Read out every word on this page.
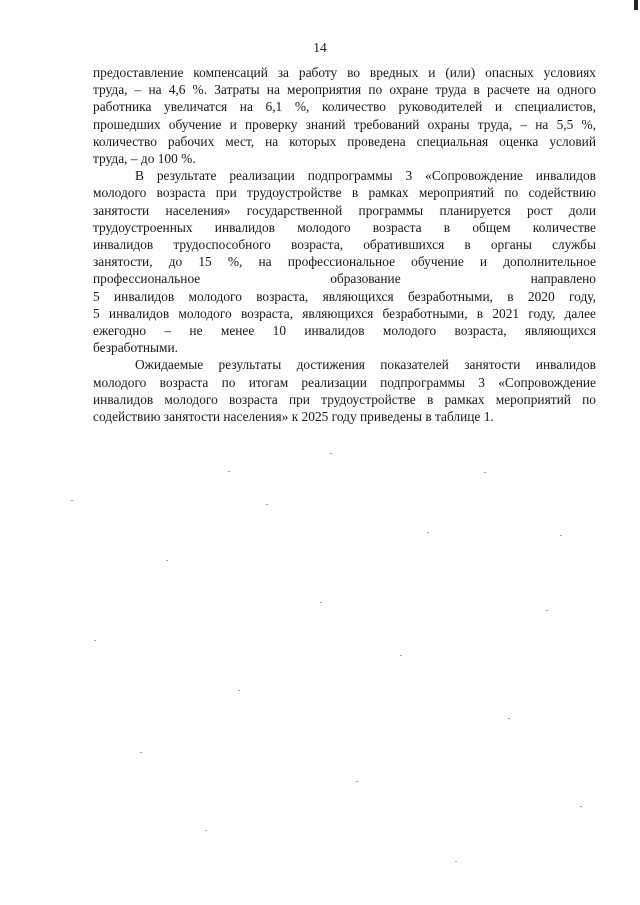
14

предоставление компенсаций за работу во вредных и (или) опасных условиях
труда, – на 4,6 %. Затраты на мероприятия по охране труда в расчете на одного
работника увеличатся на 6,1 %, количество руководителей и специалистов,
прошедших обучение и проверку знаний требований охраны труда, – на 5,5 %,
количество рабочих мест, на которых проведена специальная оценка условий
труда, – до 100 %.

В результате реализации подпрограммы 3 «Сопровождение инвалидов
молодого возраста при трудоустройстве в рамках мероприятий по содействию
занятости населения» государственной программы планируется рост доли
трудоустроенных инвалидов молодого возраста в общем количестве
инвалидов трудоспособного возраста, обратившихся в органы службы
занятости, до 15 %, на профессиональное обучение и дополнительное
профессиональное образование направлено
5 инвалидов молодого возраста, являющихся безработными, в 2020 году,
5 инвалидов молодого возраста, являющихся безработными, в 2021 году, далее
ежегодно – не менее 10 инвалидов молодого возраста, являющихся
безработными.

Ожидаемые результаты достижения показателей занятости инвалидов
молодого возраста по итогам реализации подпрограммы 3 «Сопровождение
инвалидов молодого возраста при трудоустройстве в рамках мероприятий по
содействию занятости населения» к 2025 году приведены в таблице 1.
